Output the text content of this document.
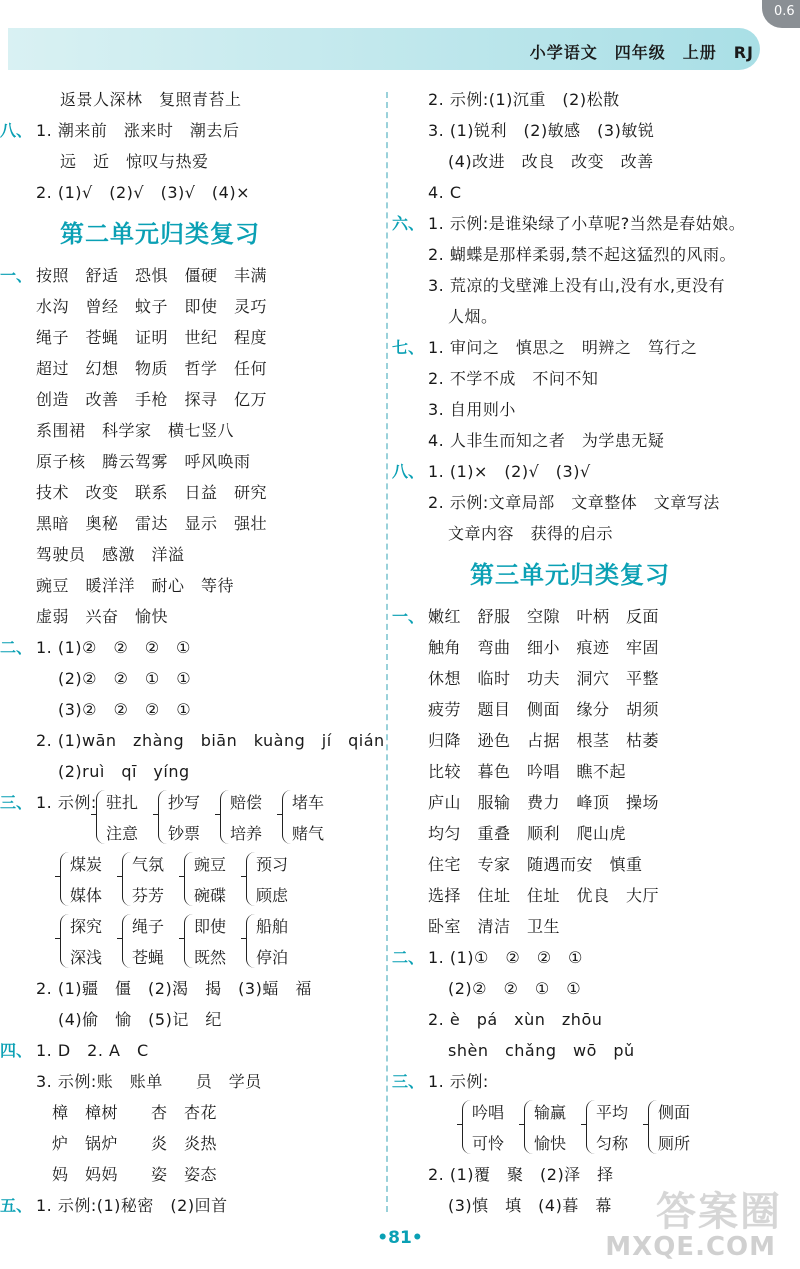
小学语文　四年级　上册　RJ
0.6
返景人深林　复照青苔上
八、 1. 潮来前　涨来时　潮去后
远　近　惊叹与热爱
2. (1)√　(2)√　(3)√　(4)×
第二单元归类复习
一、 按照　舒适　恐惧　僵硬　丰满
水沟　曾经　蚊子　即使　灵巧
绳子　苍蝇　证明　世纪　程度
超过　幻想　物质　哲学　任何
创造　改善　手枪　探寻　亿万
系围裙　科学家　横七竖八
原子核　腾云驾雾　呼风唤雨
技术　改变　联系　日益　研究
黑暗　奥秘　雷达　显示　强壮
驾驶员　感激　洋溢
豌豆　暖洋洋　耐心　等待
虚弱　兴奋　愉快
二、 1. (1)②　②　②　①
(2)②　②　①　①
(3)②　②　②　①
2. (1)wān　zhàng　biān　kuàng　jí　qián
(2)ruì　qī　yíng
三、 1. 示例: 驻扎
注意
抄写
钞票
赔偿
培养
堵车
赌气
煤炭
媒体
气氛
芬芳
豌豆
碗碟
预习
顾虑
探究
深浅
绳子
苍蝇
即使
既然
船舶
停泊
2. (1)疆　僵　(2)渴　揭　(3)蝠　福
(4)偷　愉　(5)记　纪
四、 1. D　2. A　C
3. 示例:账　账单　　员　学员
樟　樟树　　杏　杏花
炉　锅炉　　炎　炎热
妈　妈妈　　姿　姿态
五、 1. 示例:(1)秘密　(2)回首
2. 示例:(1)沉重　(2)松散
3. (1)锐利　(2)敏感　(3)敏锐
(4)改进　改良　改变　改善
4. C
六、 1. 示例:是谁染绿了小草呢?当然是春姑娘。
2. 蝴蝶是那样柔弱,禁不起这猛烈的风雨。
3. 荒凉的戈壁滩上没有山,没有水,更没有
人烟。
七、 1. 审问之　慎思之　明辨之　笃行之
2. 不学不成　不问不知
3. 自用则小
4. 人非生而知之者　为学患无疑
八、 1. (1)×　(2)√　(3)√
2. 示例:文章局部　文章整体　文章写法
文章内容　获得的启示
第三单元归类复习
一、 嫩红　舒服　空隙　叶柄　反面
触角　弯曲　细小　痕迹　牢固
休想　临时　功夫　洞穴　平整
疲劳　题目　侧面　缘分　胡须
归降　逊色　占据　根茎　枯萎
比较　暮色　吟唱　瞧不起
庐山　服输　费力　峰顶　操场
均匀　重叠　顺利　爬山虎
住宅　专家　随遇而安　慎重
选择　住址　住址　优良　大厅
卧室　清洁　卫生
二、 1. (1)①　②　②　①
(2)②　②　①　①
2. è　pá　xùn　zhōu
shèn　chǎng　wō　pǔ
三、 1. 示例:
吟唱
可怜
输赢
愉快
平均
匀称
侧面
厕所
2. (1)覆　聚　(2)泽　择
(3)慎　填　(4)暮　幕 答案圈
MXQE.COM
•81•
